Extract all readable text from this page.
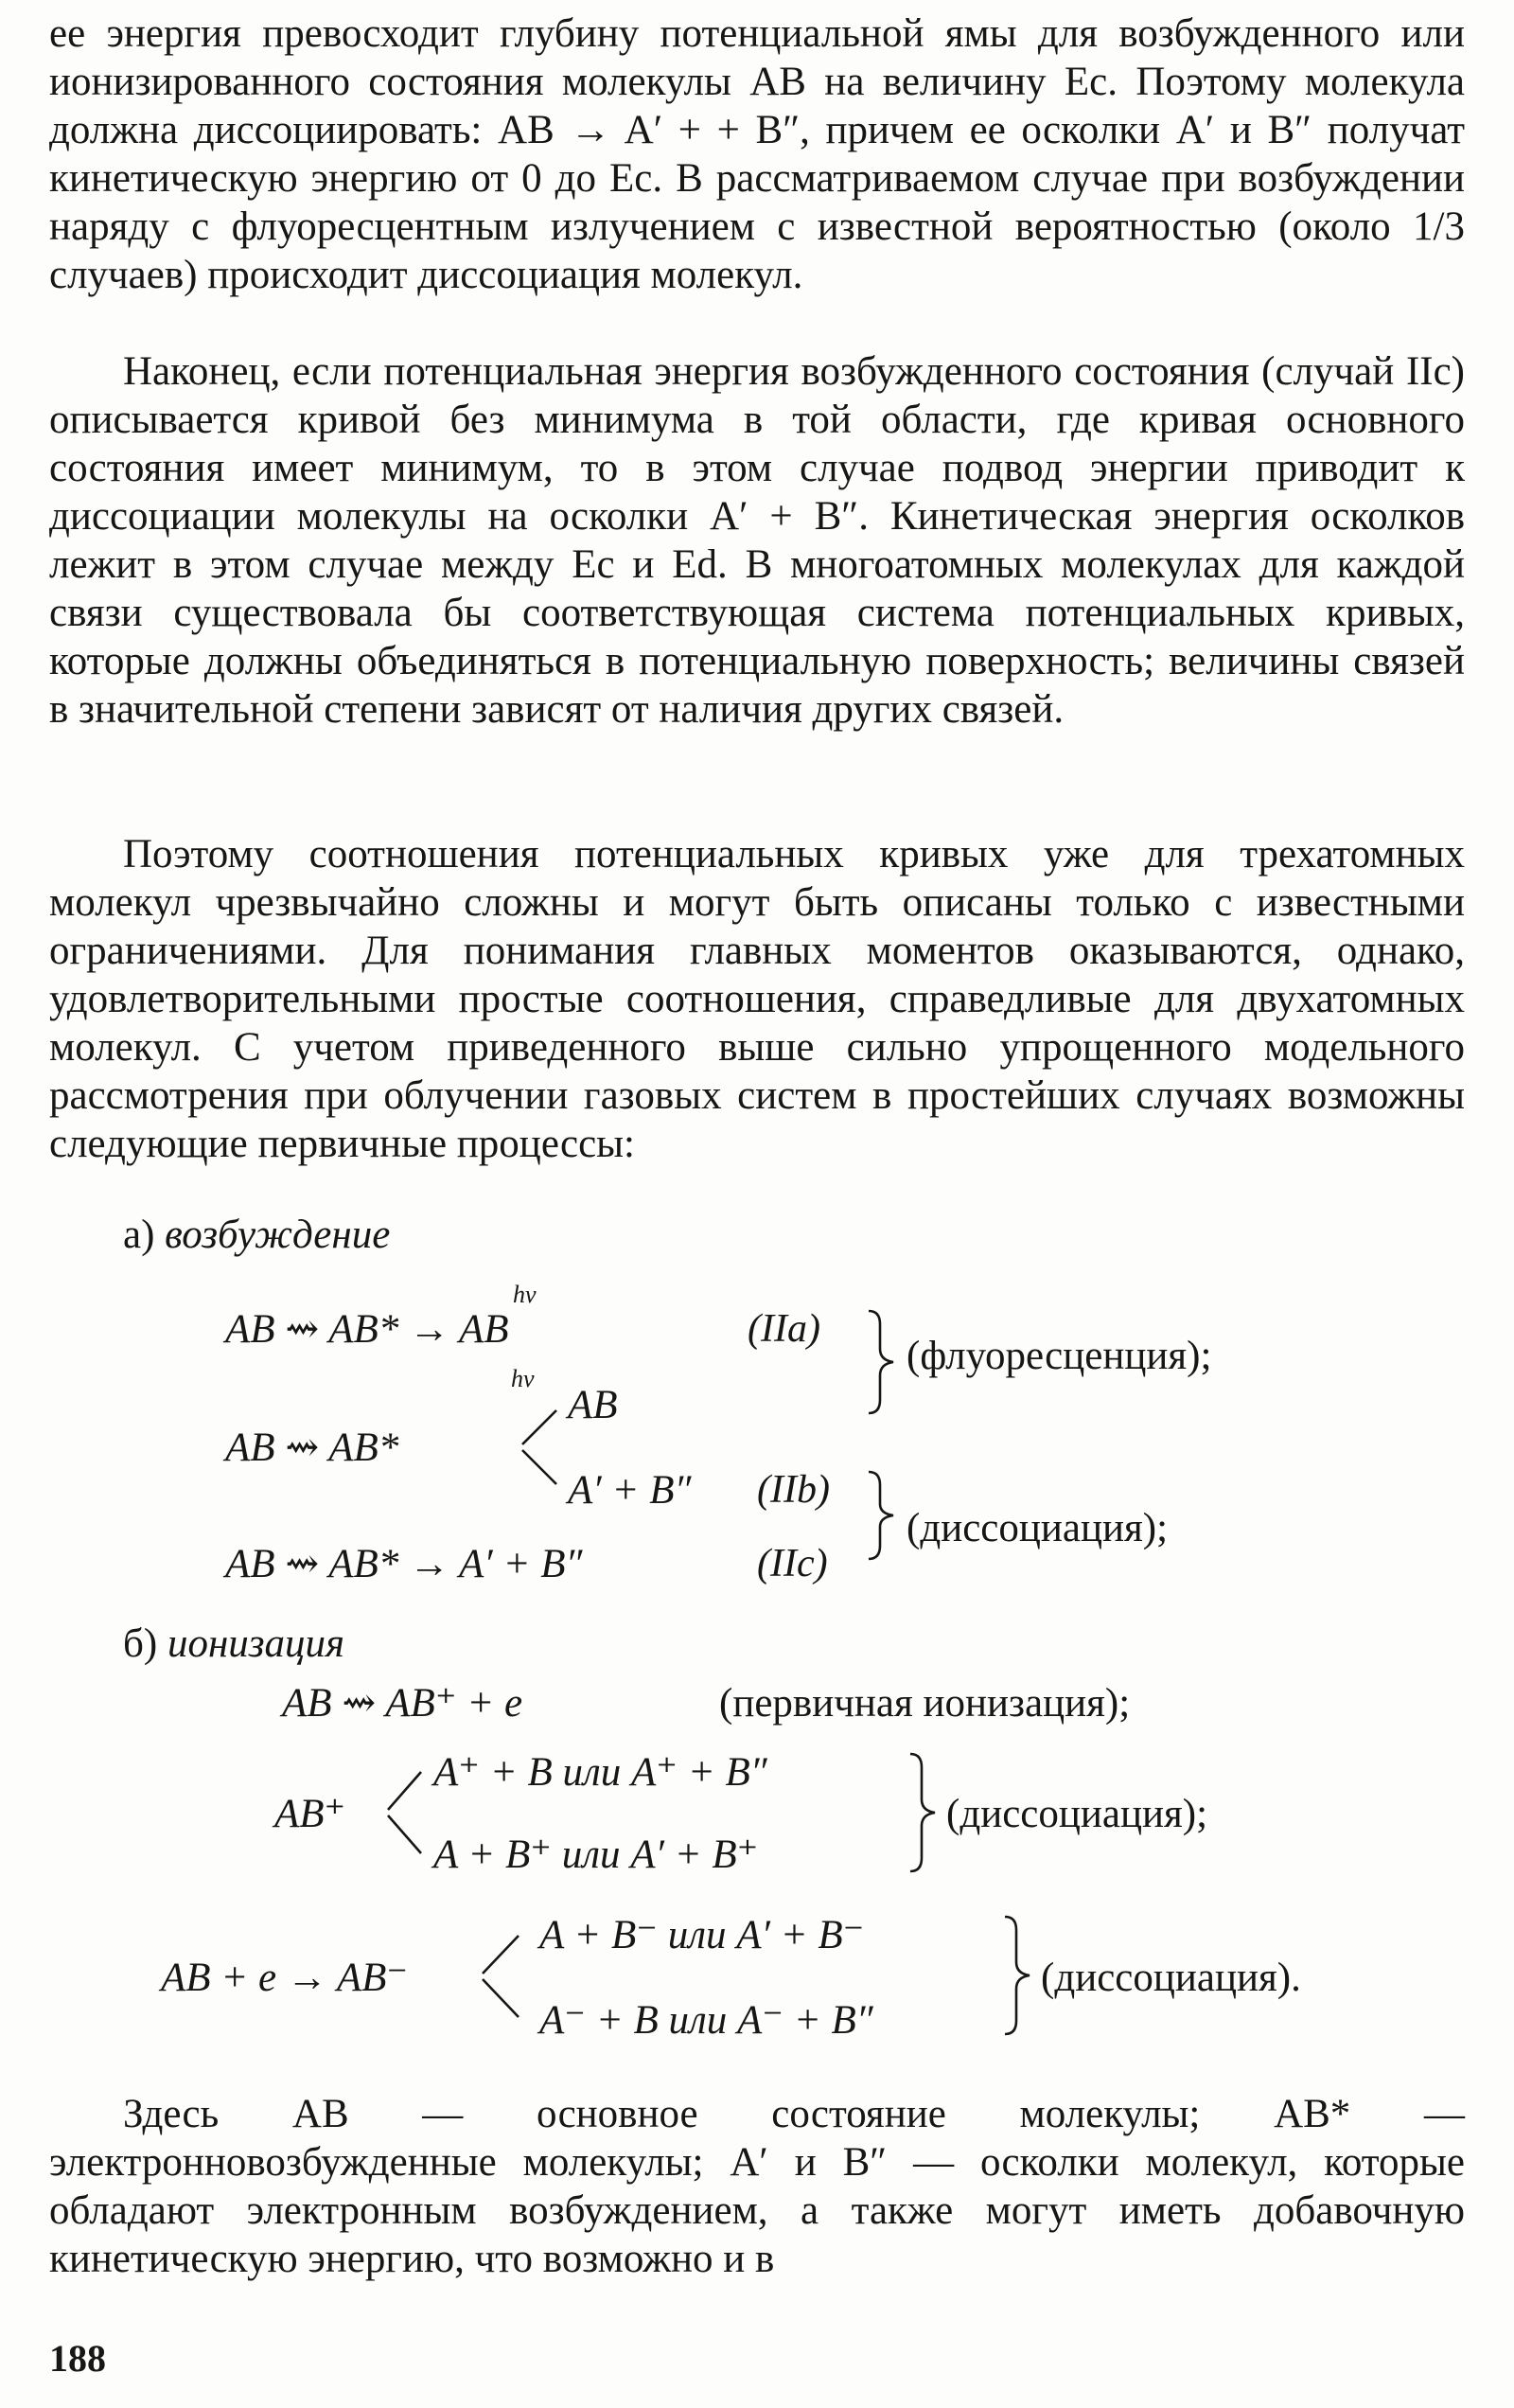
ее энергия превосходит глубину потенциальной ямы для возбужденного или ионизированного состояния молекулы AB на величину Ec. Поэтому молекула должна диссоциировать: AB → A′ + + B″, причем ее осколки A′ и B″ получат кинетическую энергию от 0 до Ec. В рассматриваемом случае при возбуждении наряду с флуоресцентным излучением с известной вероятностью (около 1/3 случаев) происходит диссоциация молекул.

Наконец, если потенциальная энергия возбужденного состояния (случай IIc) описывается кривой без минимума в той области, где кривая основного состояния имеет минимум, то в этом случае подвод энергии приводит к диссоциации молекулы на осколки A′ + B″. Кинетическая энергия осколков лежит в этом случае между Ec и Ed. В многоатомных молекулах для каждой связи существовала бы соответствующая система потенциальных кривых, которые должны объединяться в потенциальную поверхность; величины связей в значительной степени зависят от наличия других связей.

Поэтому соотношения потенциальных кривых уже для трехатомных молекул чрезвычайно сложны и могут быть описаны только с известными ограничениями. Для понимания главных моментов оказываются, однако, удовлетворительными простые соотношения, справедливые для двухатомных молекул. С учетом приведенного выше сильно упрощенного модельного рассмотрения при облучении газовых систем в простейших случаях возможны следующие первичные процессы:

а) возбуждение
hν
AB ⇝ AB* → AB	(IIa)
hν
AB
AB ⇝ AB*
A′ + B″ (IIb)
AB ⇝ AB* → A′ + B″	(IIc)
(флуоресценция);
(диссоциация);
б) ионизация
AB ⇝ AB⁺ + e	(первичная ионизация);
AB⁺
A⁺ + B или A⁺ + B″
A + B⁺ или A′ + B⁺
(диссоциация);
AB + e → AB⁻
A + B⁻ или A′ + B⁻
A⁻ + B или A⁻ + B″
(диссоциация).

Здесь AB — основное состояние молекулы; AB* — электронновозбужденные молекулы; A′ и B″ — осколки молекул, которые обладают электронным возбуждением, а также могут иметь добавочную кинетическую энергию, что возможно и в

188
